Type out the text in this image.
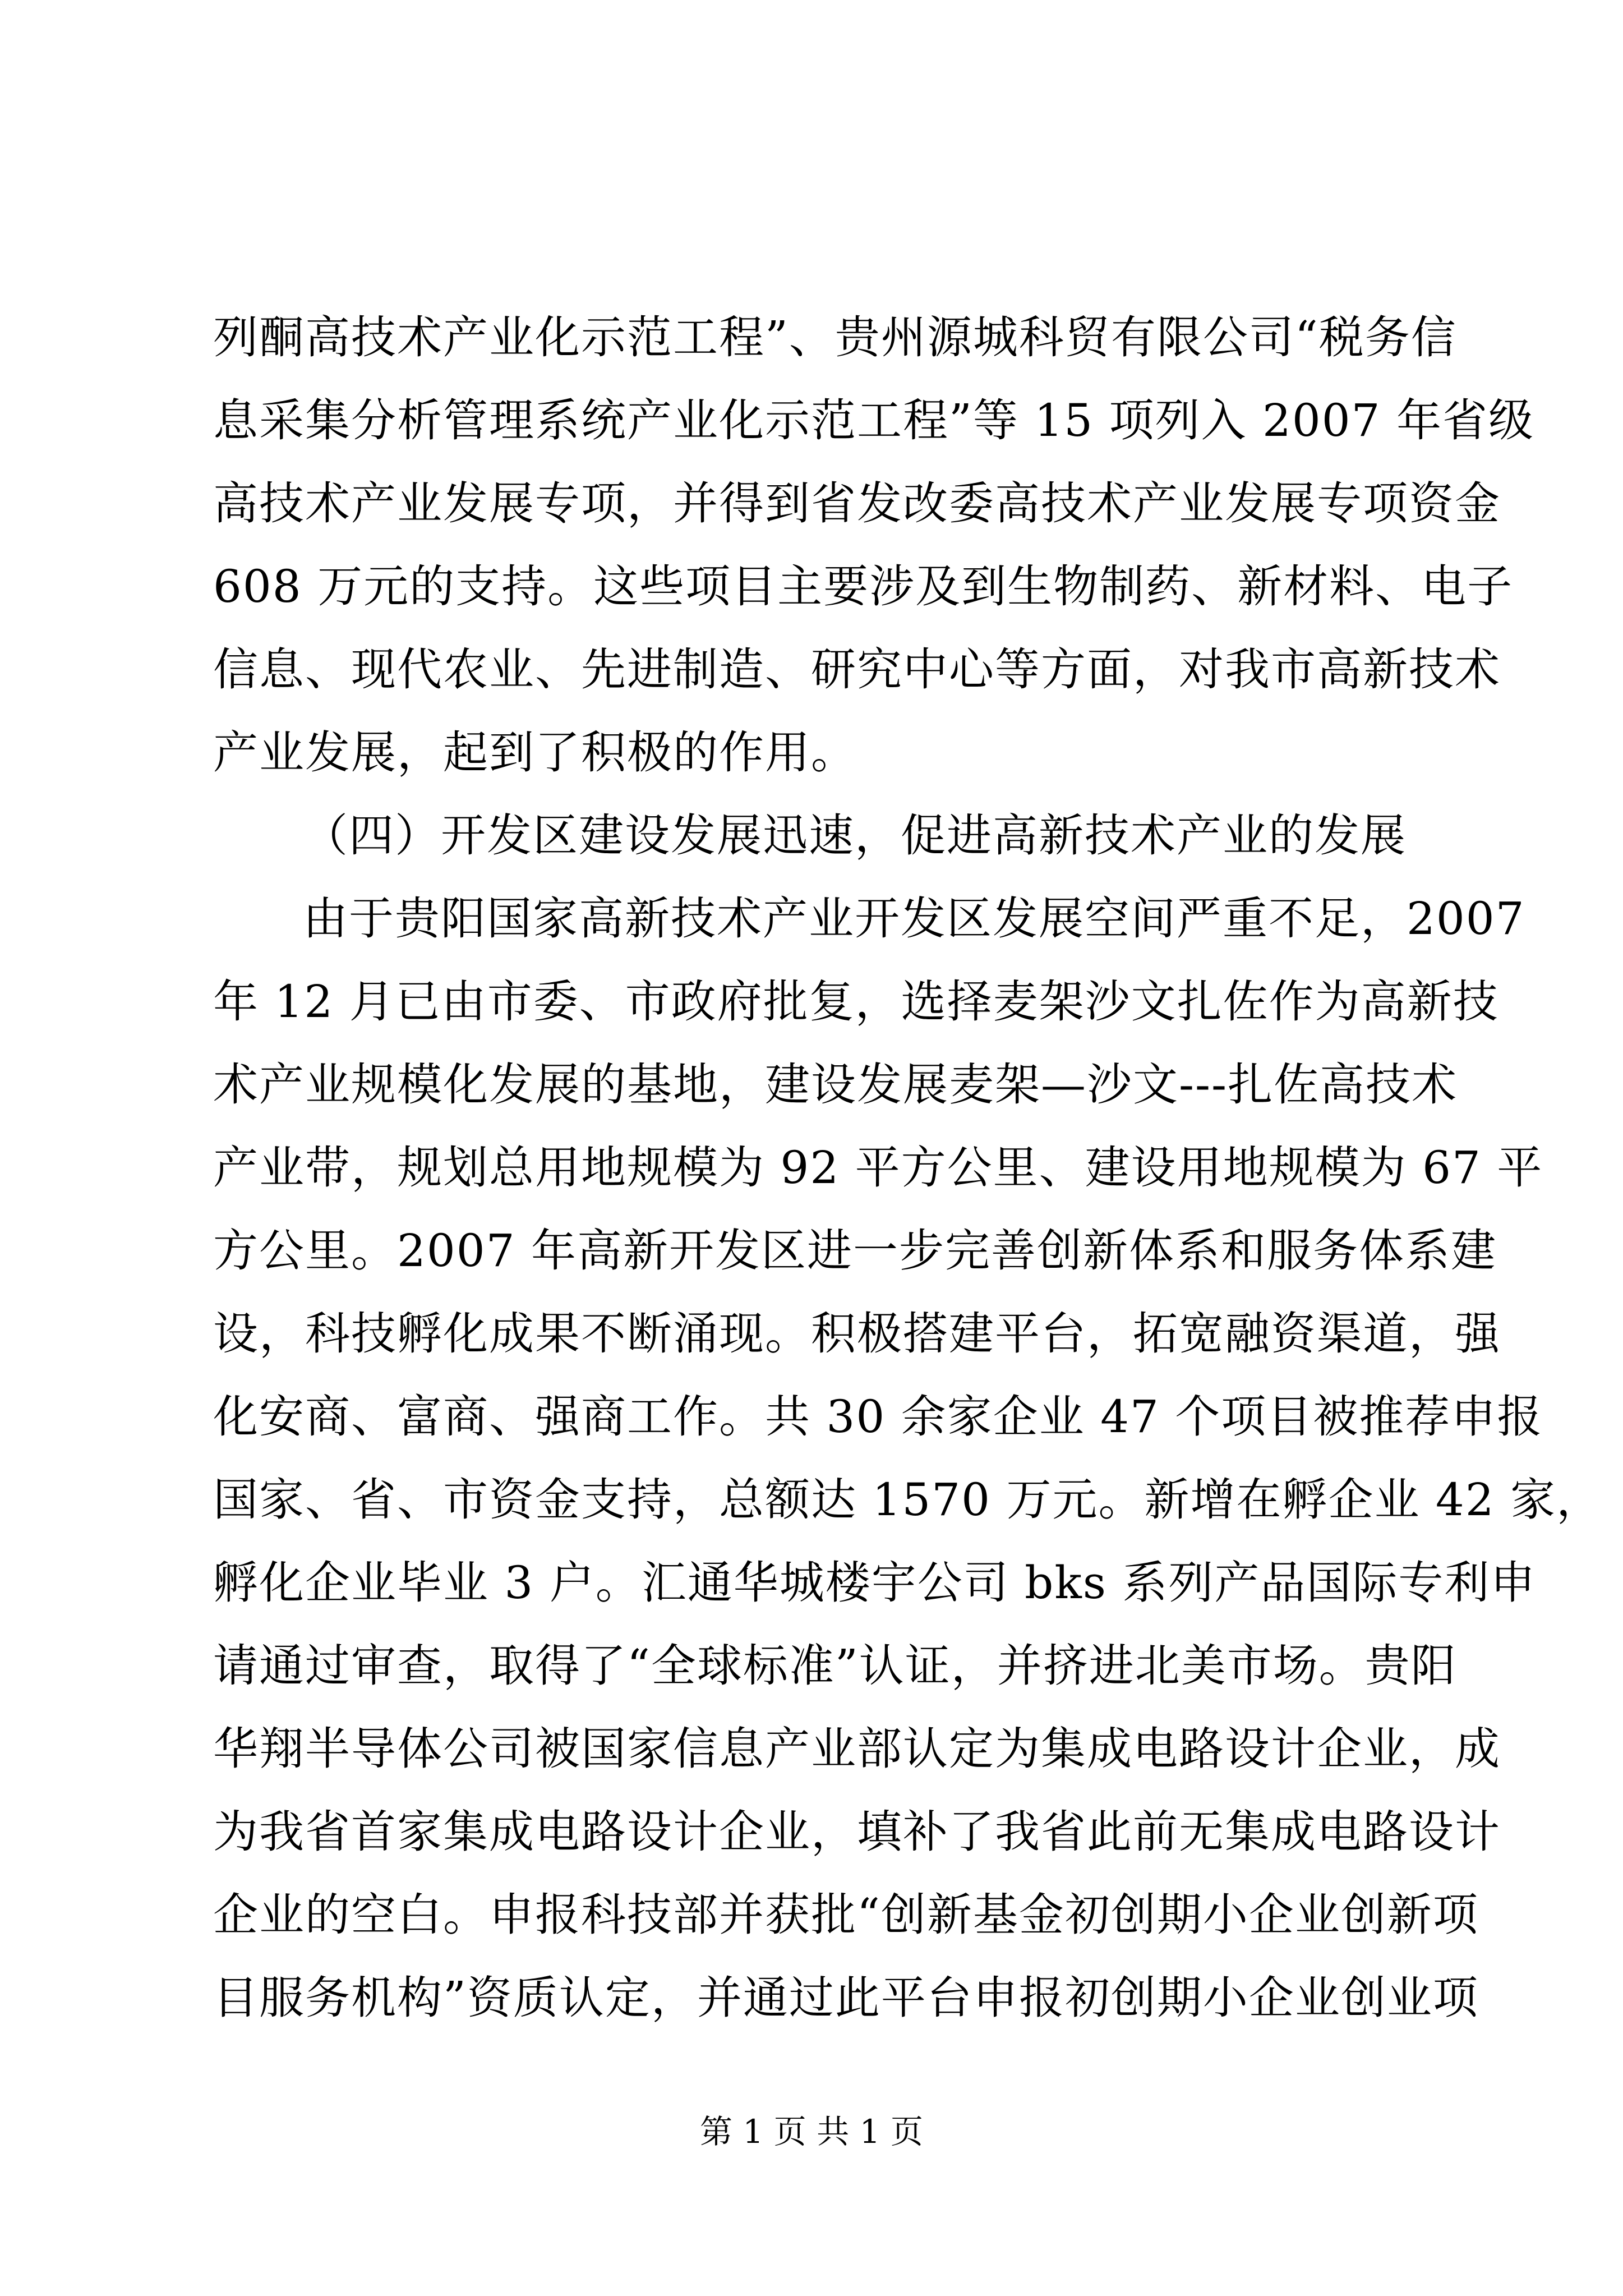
列酮高技术产业化示范工程”、贵州源城科贸有限公司“税务信
息采集分析管理系统产业化示范工程”等 15 项列入 2007 年省级
高技术产业发展专项，并得到省发改委高技术产业发展专项资金
608 万元的支持。这些项目主要涉及到生物制药、新材料、电子
信息、现代农业、先进制造、研究中心等方面，对我市高新技术
产业发展，起到了积极的作用。
（四）开发区建设发展迅速，促进高新技术产业的发展
由于贵阳国家高新技术产业开发区发展空间严重不足，2007
年 12 月已由市委、市政府批复，选择麦架沙文扎佐作为高新技
术产业规模化发展的基地，建设发展麦架—沙文---扎佐高技术
产业带，规划总用地规模为 92 平方公里、建设用地规模为 67 平
方公里。2007 年高新开发区进一步完善创新体系和服务体系建
设，科技孵化成果不断涌现。积极搭建平台，拓宽融资渠道，强
化安商、富商、强商工作。共 30 余家企业 47 个项目被推荐申报
国家、省、市资金支持，总额达 1570 万元。新增在孵企业 42 家，
孵化企业毕业 3 户。汇通华城楼宇公司 bks 系列产品国际专利申
请通过审查，取得了“全球标准”认证，并挤进北美市场。贵阳
华翔半导体公司被国家信息产业部认定为集成电路设计企业，成
为我省首家集成电路设计企业，填补了我省此前无集成电路设计
企业的空白。申报科技部并获批“创新基金初创期小企业创新项
目服务机构”资质认定，并通过此平台申报初创期小企业创业项
第 1 页 共 1 页
